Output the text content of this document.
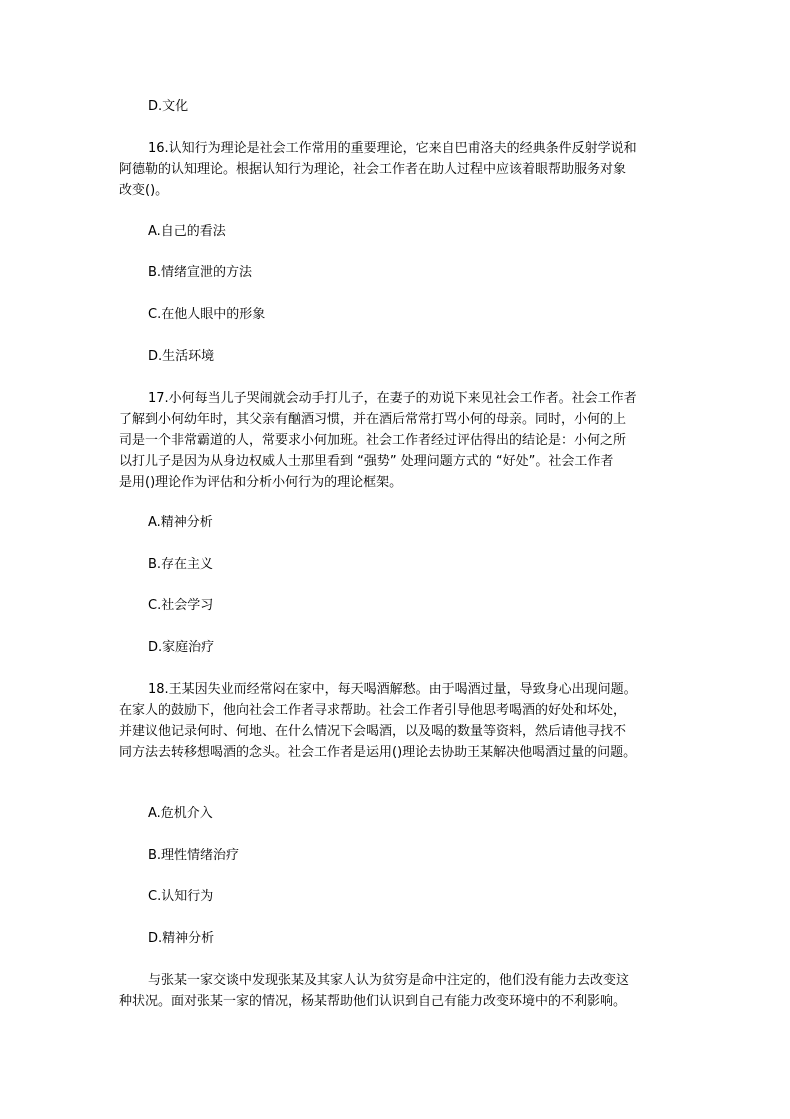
D.文化
16.认知行为理论是社会工作常用的重要理论，它来自巴甫洛夫的经典条件反射学说和
阿德勒的认知理论。根据认知行为理论，社会工作者在助人过程中应该着眼帮助服务对象
改变()。
A.自己的看法
B.情绪宣泄的方法
C.在他人眼中的形象
D.生活环境
17.小何每当儿子哭闹就会动手打儿子，在妻子的劝说下来见社会工作者。社会工作者
了解到小何幼年时，其父亲有酗酒习惯，并在酒后常常打骂小何的母亲。同时，小何的上
司是一个非常霸道的人，常要求小何加班。社会工作者经过评估得出的结论是：小何之所
以打儿子是因为从身边权威人士那里看到 “强势” 处理问题方式的 “好处”。社会工作者
是用()理论作为评估和分析小何行为的理论框架。
A.精神分析
B.存在主义
C.社会学习
D.家庭治疗
18.王某因失业而经常闷在家中，每天喝酒解愁。由于喝酒过量，导致身心出现问题。
在家人的鼓励下，他向社会工作者寻求帮助。社会工作者引导他思考喝酒的好处和坏处，
并建议他记录何时、何地、在什么情况下会喝酒，以及喝的数量等资料，然后请他寻找不
同方法去转移想喝酒的念头。社会工作者是运用()理论去协助王某解决他喝酒过量的问题。
A.危机介入
B.理性情绪治疗
C.认知行为
D.精神分析
与张某一家交谈中发现张某及其家人认为贫穷是命中注定的，他们没有能力去改变这
种状况。面对张某一家的情况，杨某帮助他们认识到自己有能力改变环境中的不利影响。
